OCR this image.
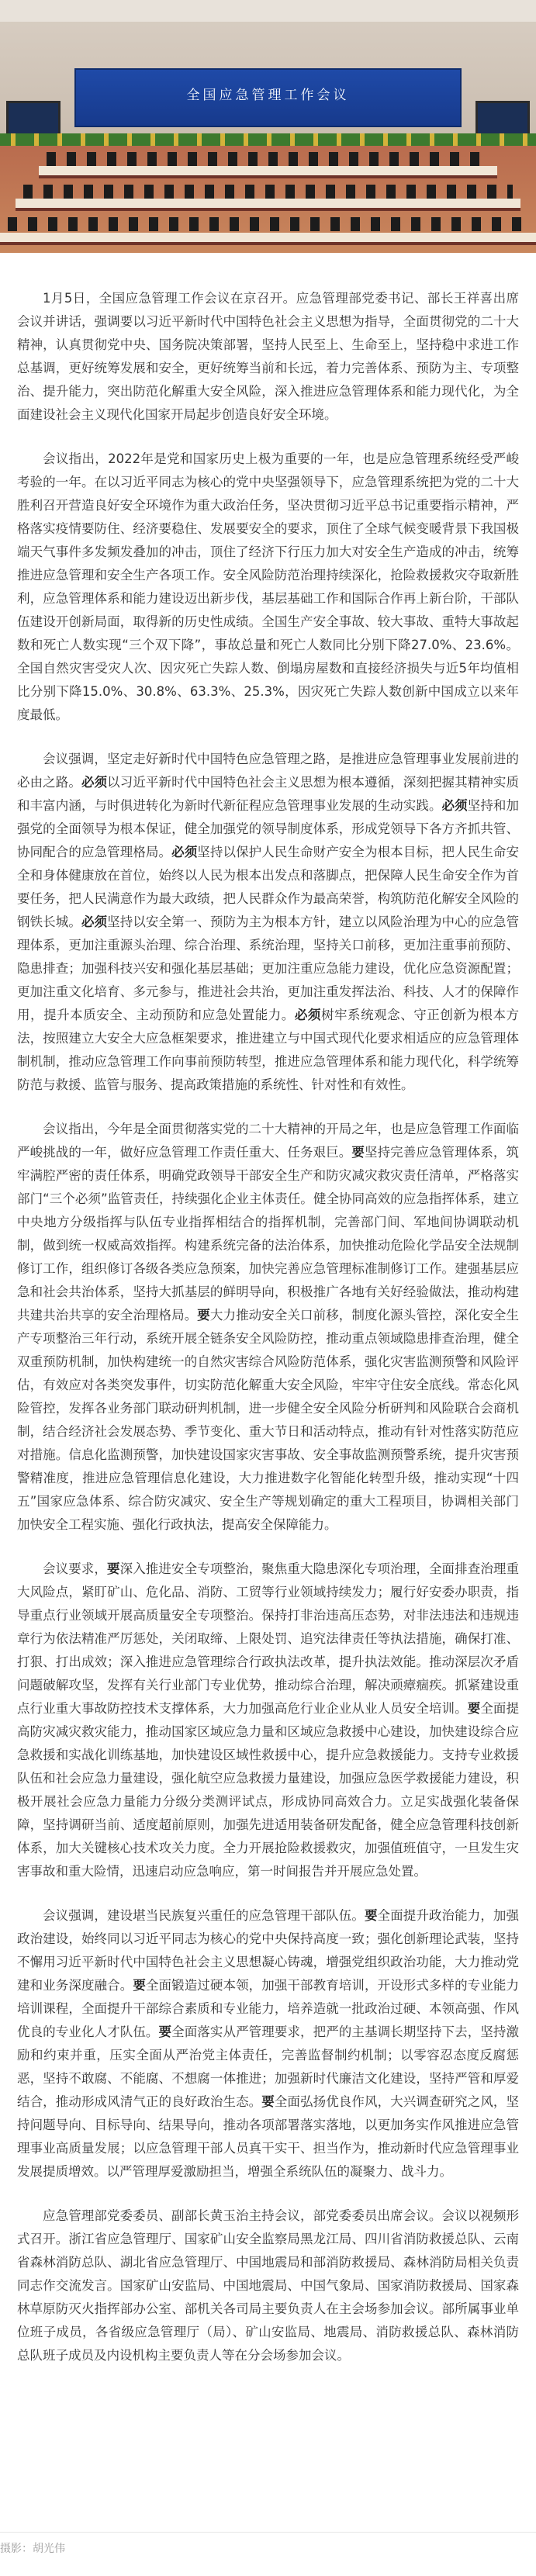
全国应急管理工作会议

1月5日，全国应急管理工作会议在京召开。应急管理部党委书记、部长王祥喜出席会议并讲话，强调要以习近平新时代中国特色社会主义思想为指导，全面贯彻党的二十大精神，认真贯彻党中央、国务院决策部署，坚持人民至上、生命至上，坚持稳中求进工作总基调，更好统筹发展和安全，更好统筹当前和长远，着力完善体系、预防为主、专项整治、提升能力，突出防范化解重大安全风险，深入推进应急管理体系和能力现代化，为全面建设社会主义现代化国家开局起步创造良好安全环境。

会议指出，2022年是党和国家历史上极为重要的一年，也是应急管理系统经受严峻考验的一年。在以习近平同志为核心的党中央坚强领导下，应急管理系统把为党的二十大胜利召开营造良好安全环境作为重大政治任务，坚决贯彻习近平总书记重要指示精神，严格落实疫情要防住、经济要稳住、发展要安全的要求，顶住了全球气候变暖背景下我国极端天气事件多发频发叠加的冲击，顶住了经济下行压力加大对安全生产造成的冲击，统筹推进应急管理和安全生产各项工作。安全风险防范治理持续深化，抢险救援救灾夺取新胜利，应急管理体系和能力建设迈出新步伐，基层基础工作和国际合作再上新台阶，干部队伍建设开创新局面，取得新的历史性成绩。全国生产安全事故、较大事故、重特大事故起数和死亡人数实现“三个双下降”，事故总量和死亡人数同比分别下降27.0%、23.6%。全国自然灾害受灾人次、因灾死亡失踪人数、倒塌房屋数和直接经济损失与近5年均值相比分别下降15.0%、30.8%、63.3%、25.3%，因灾死亡失踪人数创新中国成立以来年度最低。

会议强调，坚定走好新时代中国特色应急管理之路，是推进应急管理事业发展前进的必由之路。必须以习近平新时代中国特色社会主义思想为根本遵循，深刻把握其精神实质和丰富内涵，与时俱进转化为新时代新征程应急管理事业发展的生动实践。必须坚持和加强党的全面领导为根本保证，健全加强党的领导制度体系，形成党领导下各方齐抓共管、协同配合的应急管理格局。必须坚持以保护人民生命财产安全为根本目标，把人民生命安全和身体健康放在首位，始终以人民为根本出发点和落脚点，把保障人民生命安全作为首要任务，把人民满意作为最大政绩，把人民群众作为最高荣誉，构筑防范化解安全风险的钢铁长城。必须坚持以安全第一、预防为主为根本方针，建立以风险治理为中心的应急管理体系，更加注重源头治理、综合治理、系统治理，坚持关口前移，更加注重事前预防、隐患排查；加强科技兴安和强化基层基础；更加注重应急能力建设，优化应急资源配置；更加注重文化培育、多元参与，推进社会共治，更加注重发挥法治、科技、人才的保障作用，提升本质安全、主动预防和应急处置能力。必须树牢系统观念、守正创新为根本方法，按照建立大安全大应急框架要求，推进建立与中国式现代化要求相适应的应急管理体制机制，推动应急管理工作向事前预防转型，推进应急管理体系和能力现代化，科学统筹防范与救援、监管与服务、提高政策措施的系统性、针对性和有效性。

会议指出，今年是全面贯彻落实党的二十大精神的开局之年，也是应急管理工作面临严峻挑战的一年，做好应急管理工作责任重大、任务艰巨。要坚持完善应急管理体系，筑牢满腔严密的责任体系，明确党政领导干部安全生产和防灾减灾救灾责任清单，严格落实部门“三个必须”监管责任，持续强化企业主体责任。健全协同高效的应急指挥体系，建立中央地方分级指挥与队伍专业指挥相结合的指挥机制，完善部门间、军地间协调联动机制，做到统一权威高效指挥。构建系统完备的法治体系，加快推动危险化学品安全法规制修订工作，组织修订各级各类应急预案，加快完善应急管理标准制修订工作。建强基层应急和社会共治体系，坚持大抓基层的鲜明导向，积极推广各地有关好经验做法，推动构建共建共治共享的安全治理格局。要大力推动安全关口前移，制度化源头管控，深化安全生产专项整治三年行动，系统开展全链条安全风险防控，推动重点领域隐患排查治理，健全双重预防机制，加快构建统一的自然灾害综合风险防范体系，强化灾害监测预警和风险评估，有效应对各类突发事件，切实防范化解重大安全风险，牢牢守住安全底线。常态化风险管控，发挥各业务部门联动研判机制，进一步健全安全风险分析研判和风险联合会商机制，结合经济社会发展态势、季节变化、重大节日和活动特点，推动有针对性落实防范应对措施。信息化监测预警，加快建设国家灾害事故、安全事故监测预警系统，提升灾害预警精准度，推进应急管理信息化建设，大力推进数字化智能化转型升级，推动实现“十四五”国家应急体系、综合防灾减灾、安全生产等规划确定的重大工程项目，协调相关部门加快安全工程实施、强化行政执法，提高安全保障能力。

会议要求，要深入推进安全专项整治，聚焦重大隐患深化专项治理，全面排查治理重大风险点，紧盯矿山、危化品、消防、工贸等行业领域持续发力；履行好安委办职责，指导重点行业领域开展高质量安全专项整治。保持打非治违高压态势，对非法违法和违规违章行为依法精准严厉惩处，关闭取缔、上限处罚、追究法律责任等执法措施，确保打准、打狠、打出成效；深入推进应急管理综合行政执法改革，提升执法效能。推动深层次矛盾问题破解攻坚，发挥有关行业部门专业优势，推动综合治理，解决顽瘴痼疾。抓紧建设重点行业重大事故防控技术支撑体系，大力加强高危行业企业从业人员安全培训。要全面提高防灾减灾救灾能力，推动国家区域应急力量和区域应急救援中心建设，加快建设综合应急救援和实战化训练基地，加快建设区域性救援中心，提升应急救援能力。支持专业救援队伍和社会应急力量建设，强化航空应急救援力量建设，加强应急医学救援能力建设，积极开展社会应急力量能力分级分类测评试点，形成协同高效合力。立足实战强化装备保障，坚持调研当前、适度超前原则，加强先进适用装备研发配备，健全应急管理科技创新体系，加大关键核心技术攻关力度。全力开展抢险救援救灾，加强值班值守，一旦发生灾害事故和重大险情，迅速启动应急响应，第一时间报告并开展应急处置。

会议强调，建设堪当民族复兴重任的应急管理干部队伍。要全面提升政治能力，加强政治建设，始终同以习近平同志为核心的党中央保持高度一致；强化创新理论武装，坚持不懈用习近平新时代中国特色社会主义思想凝心铸魂，增强党组织政治功能，大力推动党建和业务深度融合。要全面锻造过硬本领，加强干部教育培训，开设形式多样的专业能力培训课程，全面提升干部综合素质和专业能力，培养造就一批政治过硬、本领高强、作风优良的专业化人才队伍。要全面落实从严管理要求，把严的主基调长期坚持下去，坚持激励和约束并重，压实全面从严治党主体责任，完善监督制约机制；以零容忍态度反腐惩恶，坚持不敢腐、不能腐、不想腐一体推进；加强新时代廉洁文化建设，坚持严管和厚爱结合，推动形成风清气正的良好政治生态。要全面弘扬优良作风，大兴调查研究之风，坚持问题导向、目标导向、结果导向，推动各项部署落实落地，以更加务实作风推进应急管理事业高质量发展；以应急管理干部人员真干实干、担当作为，推动新时代应急管理事业发展提质增效。以严管理厚爱激励担当，增强全系统队伍的凝聚力、战斗力。

应急管理部党委委员、副部长黄玉治主持会议，部党委委员出席会议。会议以视频形式召开。浙江省应急管理厅、国家矿山安全监察局黑龙江局、四川省消防救援总队、云南省森林消防总队、湖北省应急管理厅、中国地震局和部消防救援局、森林消防局相关负责同志作交流发言。国家矿山安监局、中国地震局、中国气象局、国家消防救援局、国家森林草原防灭火指挥部办公室、部机关各司局主要负责人在主会场参加会议。部所属事业单位班子成员，各省级应急管理厅（局）、矿山安监局、地震局、消防救援总队、森林消防总队班子成员及内设机构主要负责人等在分会场参加会议。

摄影：胡光伟
